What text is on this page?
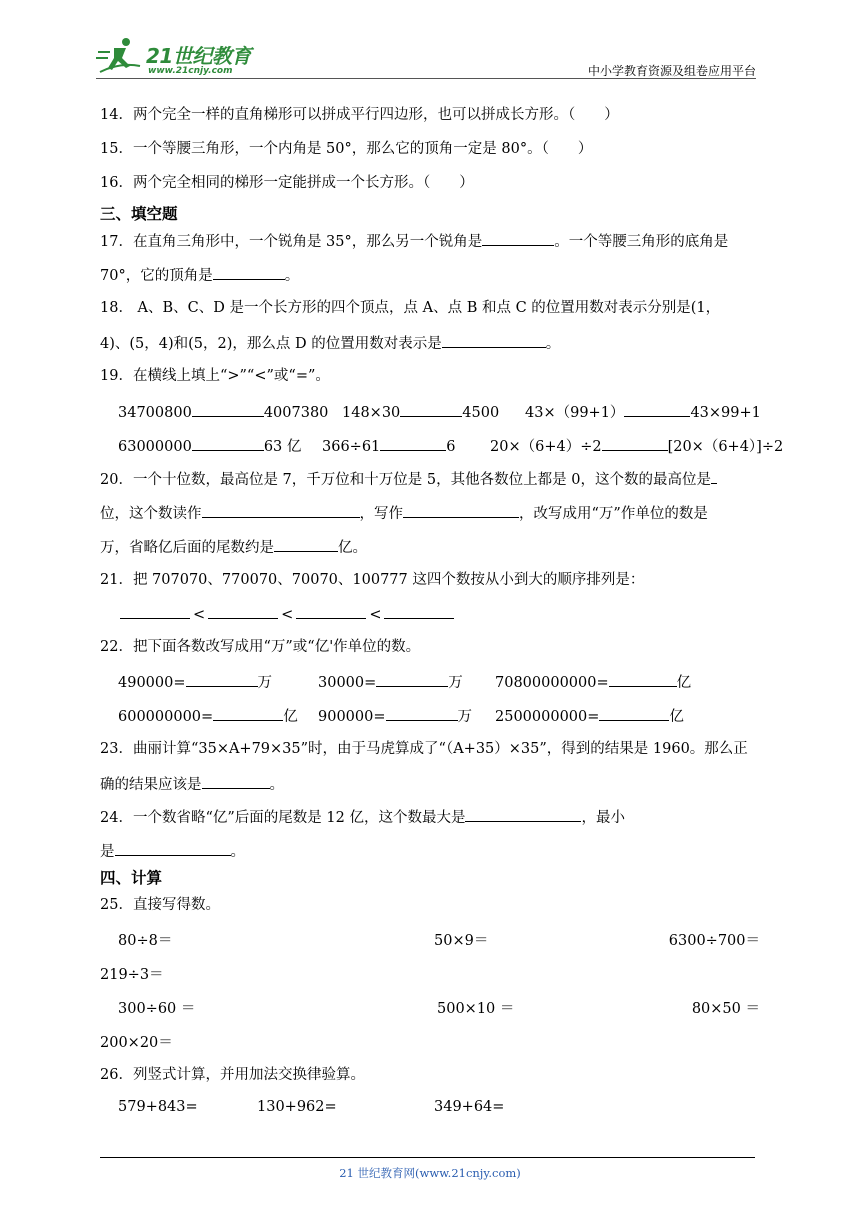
21世纪教育
www.21cnjy.com	中小学教育资源及组卷应用平台
14．两个完全一样的直角梯形可以拼成平行四边形，也可以拼成长方形。（　　）
15．一个等腰三角形，一个内角是 50°，那么它的顶角一定是 80°。（　　）
16．两个完全相同的梯形一定能拼成一个长方形。（　　）
三、填空题
17．在直角三角形中，一个锐角是 35°，那么另一个锐角是	。一个等腰三角形的底角是
70°，它的顶角是	。
18． A、B、C、D 是一个长方形的四个顶点，点 A、点 B 和点 C 的位置用数对表示分别是(1，
4)、(5，4)和(5，2)，那么点 D 的位置用数对表示是	。
19．在横线上填上“>”“<”或“=”。
34700800	4007380 148×30	4500 43×（99+1）	43×99+1
63000000	63 亿 366÷61	6 20×（6+4）÷2	[20×（6+4）]÷2
20．一个十位数，最高位是 7，千万位和十万位是 5，其他各数位上都是 0，这个数的最高位是
位，这个数读作	，写作	，改写成用“万”作单位的数是
万，省略亿后面的尾数约是	亿。
21．把 707070、770070、70070、100777 这四个数按从小到大的顺序排列是：
<	<	<
22．把下面各数改写成用“万”或“亿'作单位的数。
490000=	万	30000=	万 70800000000=	亿
600000000=	亿 900000=	万 2500000000=	亿
23．曲丽计算“35×A+79×35”时，由于马虎算成了“（A+35）×35”，得到的结果是 1960。那么正
确的结果应该是	。
24．一个数省略“亿”后面的尾数是 12 亿，这个数最大是	，最小
是	。
四、计算
25．直接写得数。
80÷8＝	50×9＝	6300÷700＝
219÷3＝
300÷60 ＝	500×10 ＝	80×50 ＝
200×20＝
26．列竖式计算，并用加法交换律验算。
579+843=	130+962=	349+64=
21 世纪教育网(www.21cnjy.com)
